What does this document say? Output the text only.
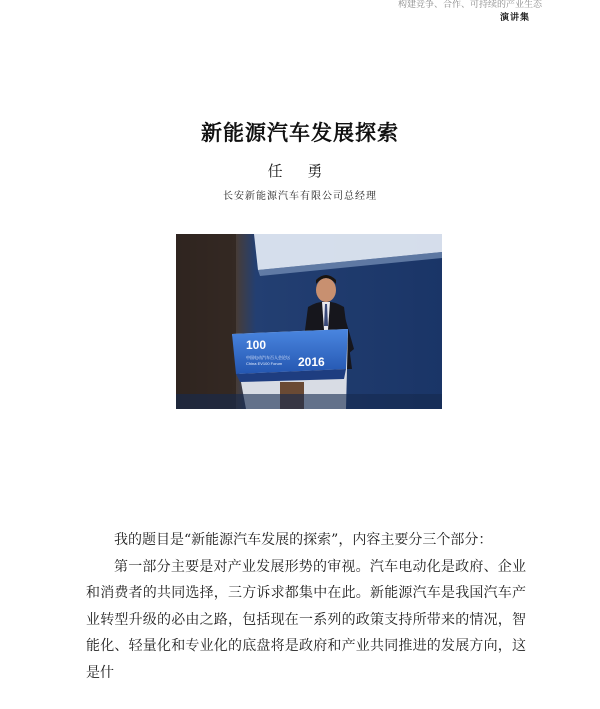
构建竞争、合作、可持续的产业生态
演讲集
新能源汽车发展探索
任 勇
长安新能源汽车有限公司总经理
100
中国电动汽车百人会论坛
China EV100 Forum 2016

我的题目是“新能源汽车发展的探索”，内容主要分三个部分：

第一部分主要是对产业发展形势的审视。汽车电动化是政府、企业和消费者的共同选择，三方诉求都集中在此。新能源汽车是我国汽车产业转型升级的必由之路，包括现在一系列的政策支持所带来的情况，智能化、轻量化和专业化的底盘将是政府和产业共同推进的发展方向，这是什
